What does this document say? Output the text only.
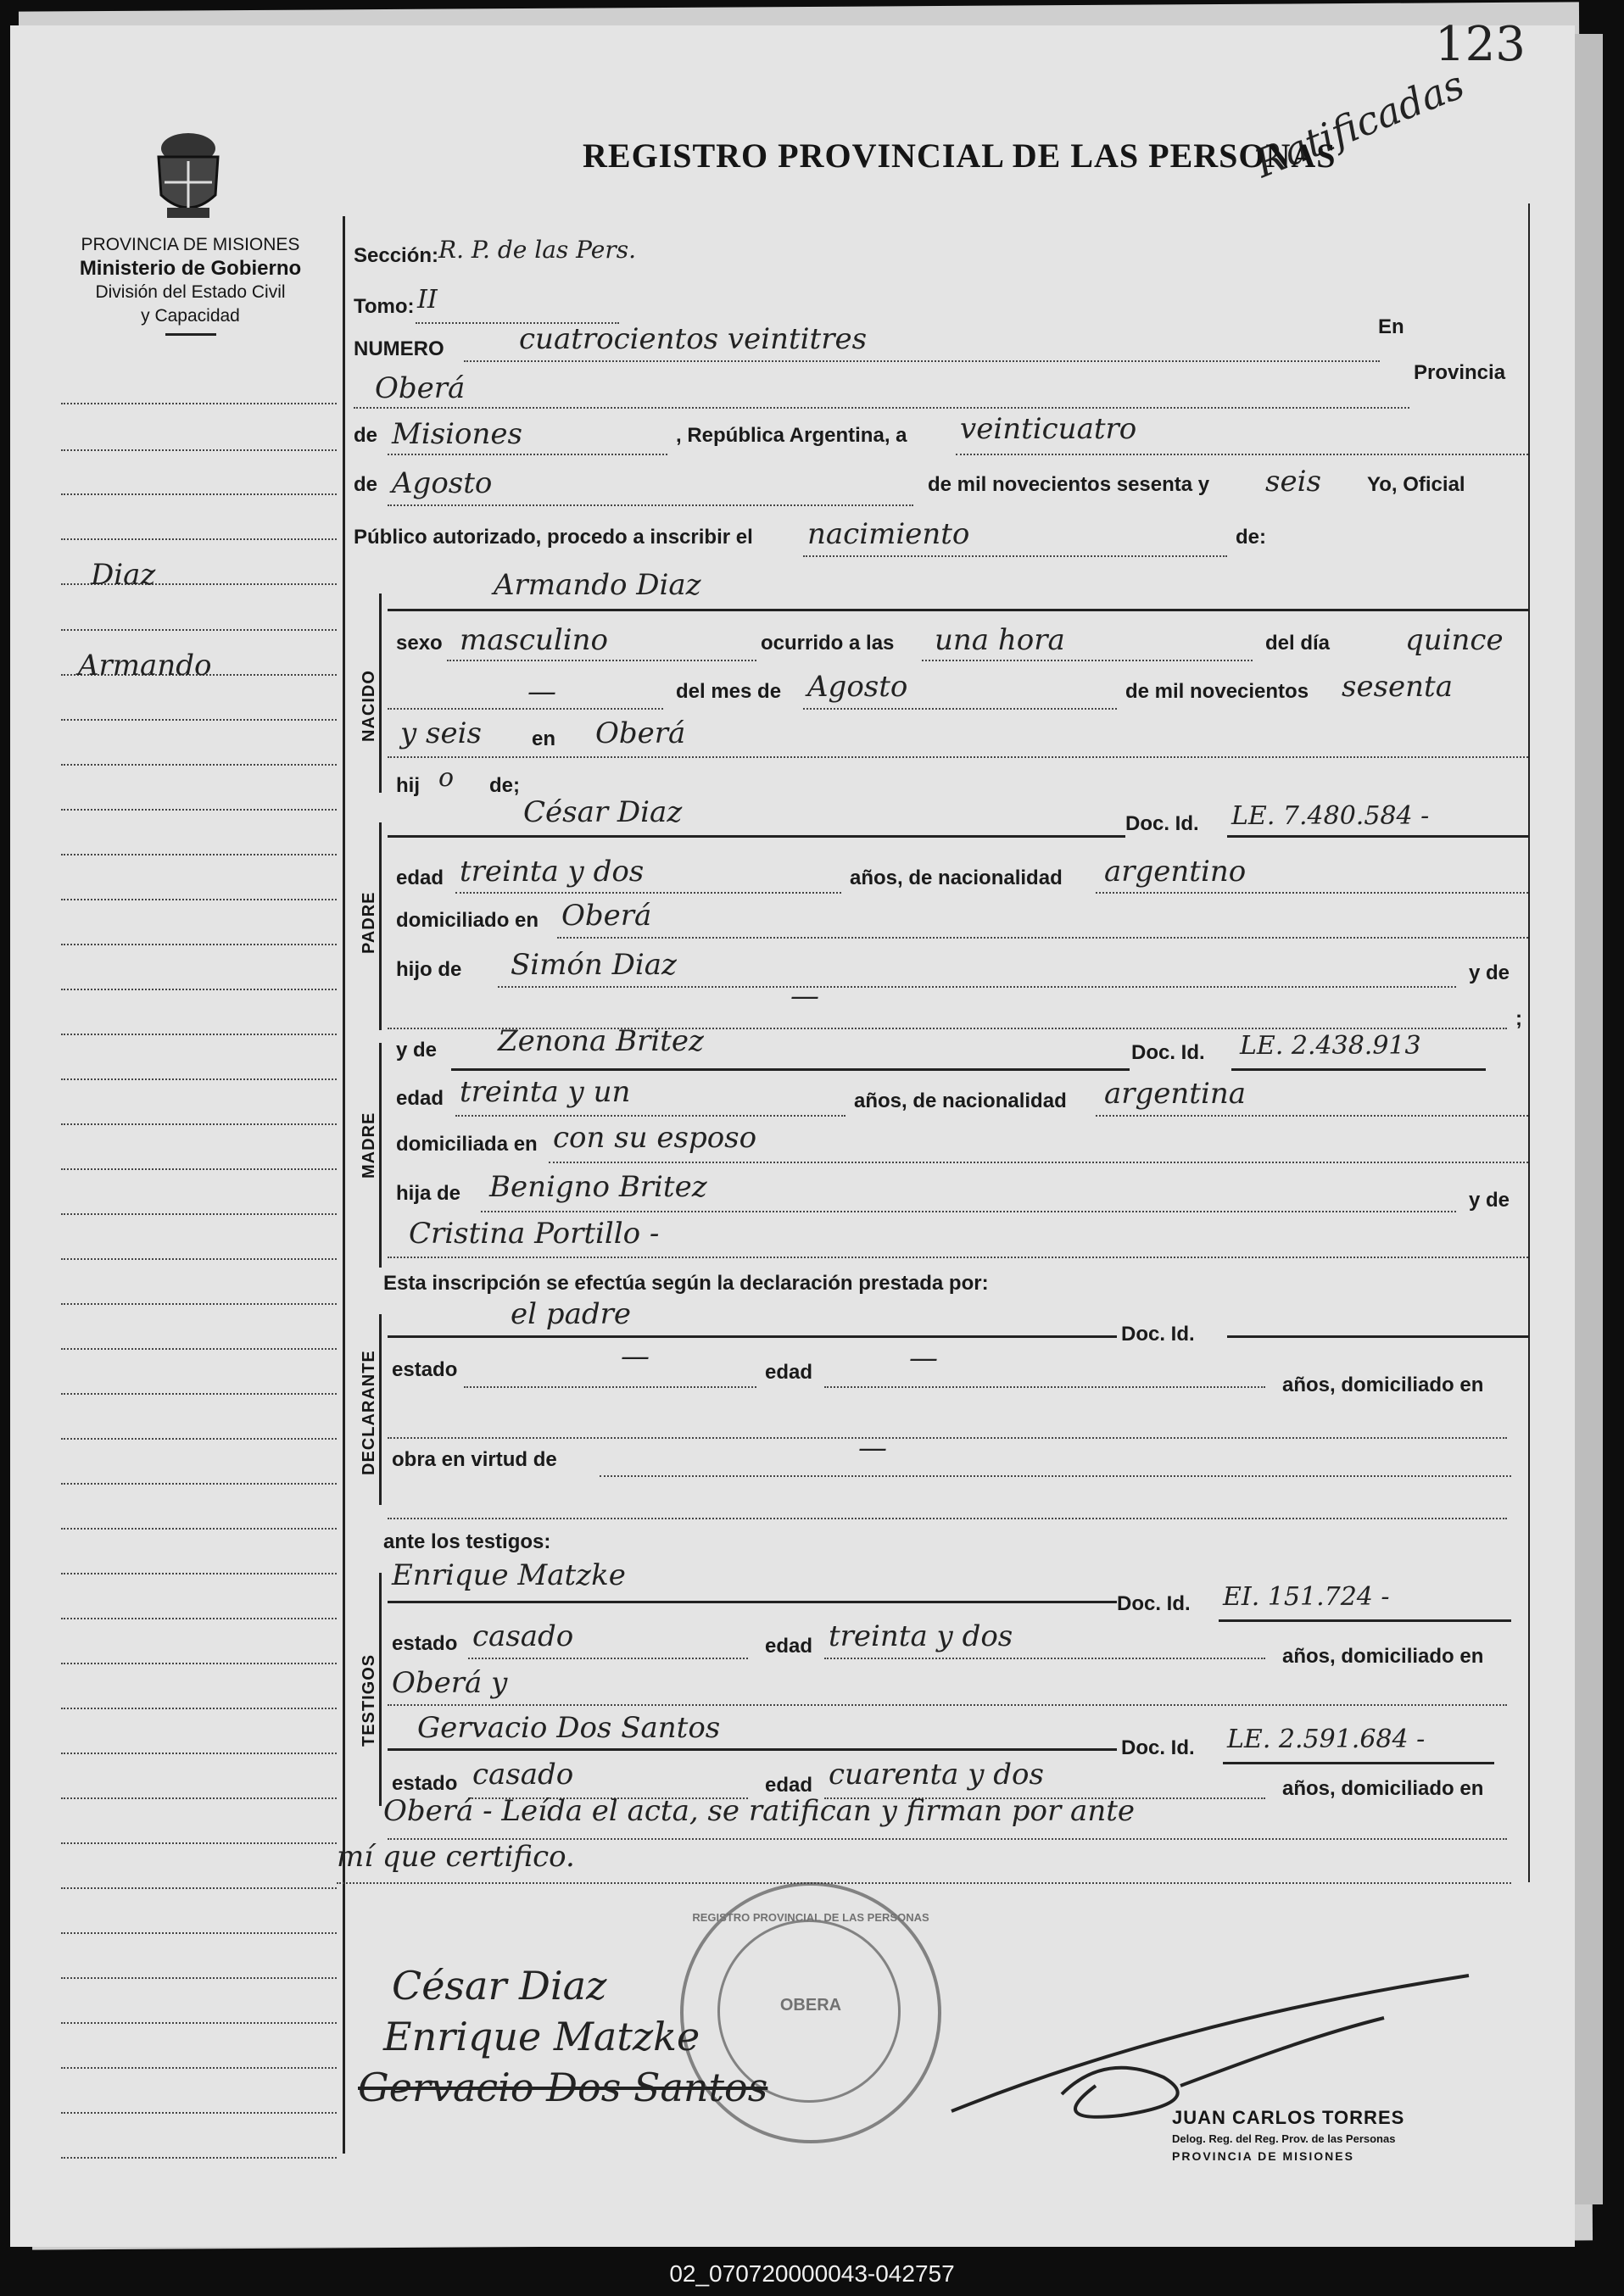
123
Ratificadas
REGISTRO PROVINCIAL DE LAS PERSONAS
PROVINCIA DE MISIONES
Ministerio de Gobierno
División del Estado Civil
y Capacidad
Diaz
Armando
Sección: R. P. de las Pers.
Tomo: II
NUMERO	cuatrocientos veintitres	En
Oberá	Provincia
de Misiones	, República Argentina, a veinticuatro
de Agosto	de mil novecientos sesenta y seis Yo, Oficial
Público autorizado, procedo a inscribir el nacimiento	de:
NACIDO
Armando Diaz
sexo masculino	ocurrido a las una hora	del día	quince
—	del mes de Agosto	de mil novecientos sesenta
y seis en Oberá
hij o de;
PADRE
César Diaz	Doc. Id. LE. 7.480.584 -
edad treinta y dos	años, de nacionalidad argentino
domiciliado en Oberá
hijo de Simón Diaz	y de
—
;
MADRE
y de Zenona Britez	Doc. Id. LE. 2.438.913
edad treinta y un	años, de nacionalidad argentina
domiciliada en con su esposo
hija de Benigno Britez	y de
Cristina Portillo -
Esta inscripción se efectúa según la declaración prestada por:
DECLARANTE
el padre
Doc. Id.
estado	—	edad	—
años, domiciliado en
obra en virtud de	—
ante los testigos:
TESTIGOS
Enrique Matzke
Doc. Id. EI. 151.724 -
estado casado	edad treinta y dos
años, domiciliado en
Oberá y
Gervacio Dos Santos
Doc. Id. LE. 2.591.684 -
estado casado	edad cuarenta y dos	años, domiciliado en
Oberá - Leída el acta, se ratifican y firman por ante
mí que certifico.
REGISTRO PROVINCIAL DE LAS PERSONAS
OBERA
César Diaz
Enrique Matzke
Gervacio Dos Santos
JUAN CARLOS TORRES
Delog. Reg. del Reg. Prov. de las Personas
PROVINCIA DE MISIONES
02_070720000043-042757
